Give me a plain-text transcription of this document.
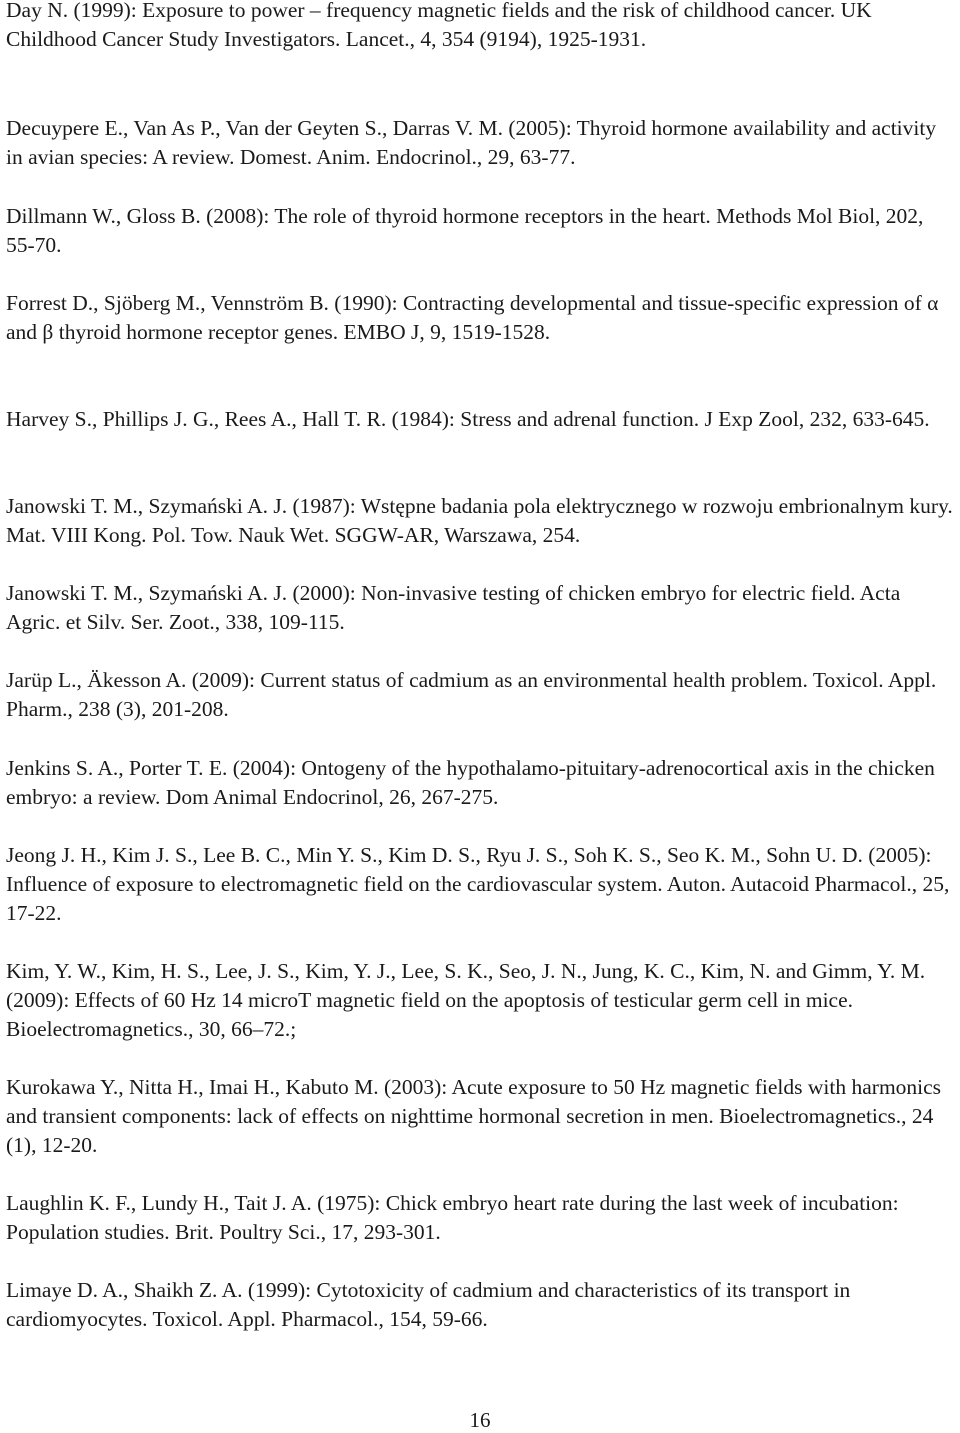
Day N. (1999): Exposure to power – frequency magnetic fields and the risk of childhood cancer. UK Childhood Cancer Study Investigators. Lancet., 4, 354 (9194), 1925-1931.

Decuypere E., Van As P., Van der Geyten S., Darras V. M. (2005): Thyroid hormone availability and activity in avian species: A review. Domest. Anim. Endocrinol., 29, 63-77.

Dillmann W., Gloss B. (2008): The role of thyroid hormone receptors in the heart. Methods Mol Biol, 202, 55-70.

Forrest D., Sjöberg M., Vennström B. (1990): Contracting developmental and tissue-specific expression of α and β thyroid hormone receptor genes. EMBO J, 9, 1519-1528.

Harvey S., Phillips J. G., Rees A., Hall T. R. (1984): Stress and adrenal function. J Exp Zool, 232, 633-645.

Janowski T. M., Szymański A. J. (1987): Wstępne badania pola elektrycznego w rozwoju embrionalnym kury. Mat. VIII Kong. Pol. Tow. Nauk Wet. SGGW-AR, Warszawa, 254.

Janowski T. M., Szymański A. J. (2000): Non-invasive testing of chicken embryo for electric field. Acta Agric. et Silv. Ser. Zoot., 338, 109-115.

Jarüp L., Äkesson A. (2009): Current status of cadmium as an environmental health problem. Toxicol. Appl. Pharm., 238 (3), 201-208.

Jenkins S. A., Porter T. E. (2004): Ontogeny of the hypothalamo-pituitary-adrenocortical axis in the chicken embryo: a review. Dom Animal Endocrinol, 26, 267-275.

Jeong J. H., Kim J. S., Lee B. C., Min Y. S., Kim D. S., Ryu J. S., Soh K. S., Seo K. M., Sohn U. D. (2005): Influence of exposure to electromagnetic field on the cardiovascular system. Auton. Autacoid Pharmacol., 25, 17-22.

Kim, Y. W., Kim, H. S., Lee, J. S., Kim, Y. J., Lee, S. K., Seo, J. N., Jung, K. C., Kim, N. and Gimm, Y. M. (2009): Effects of 60 Hz 14 microT magnetic field on the apoptosis of testicular germ cell in mice. Bioelectromagnetics., 30, 66–72.;

Kurokawa Y., Nitta H., Imai H., Kabuto M. (2003): Acute exposure to 50 Hz magnetic fields with harmonics and transient components: lack of effects on nighttime hormonal secretion in men. Bioelectromagnetics., 24 (1), 12-20.

Laughlin K. F., Lundy H., Tait J. A. (1975): Chick embryo heart rate during the last week of incubation: Population studies. Brit. Poultry Sci., 17, 293-301.

Limaye D. A., Shaikh Z. A. (1999): Cytotoxicity of cadmium and characteristics of its transport in cardiomyocytes. Toxicol. Appl. Pharmacol., 154, 59-66.

16
